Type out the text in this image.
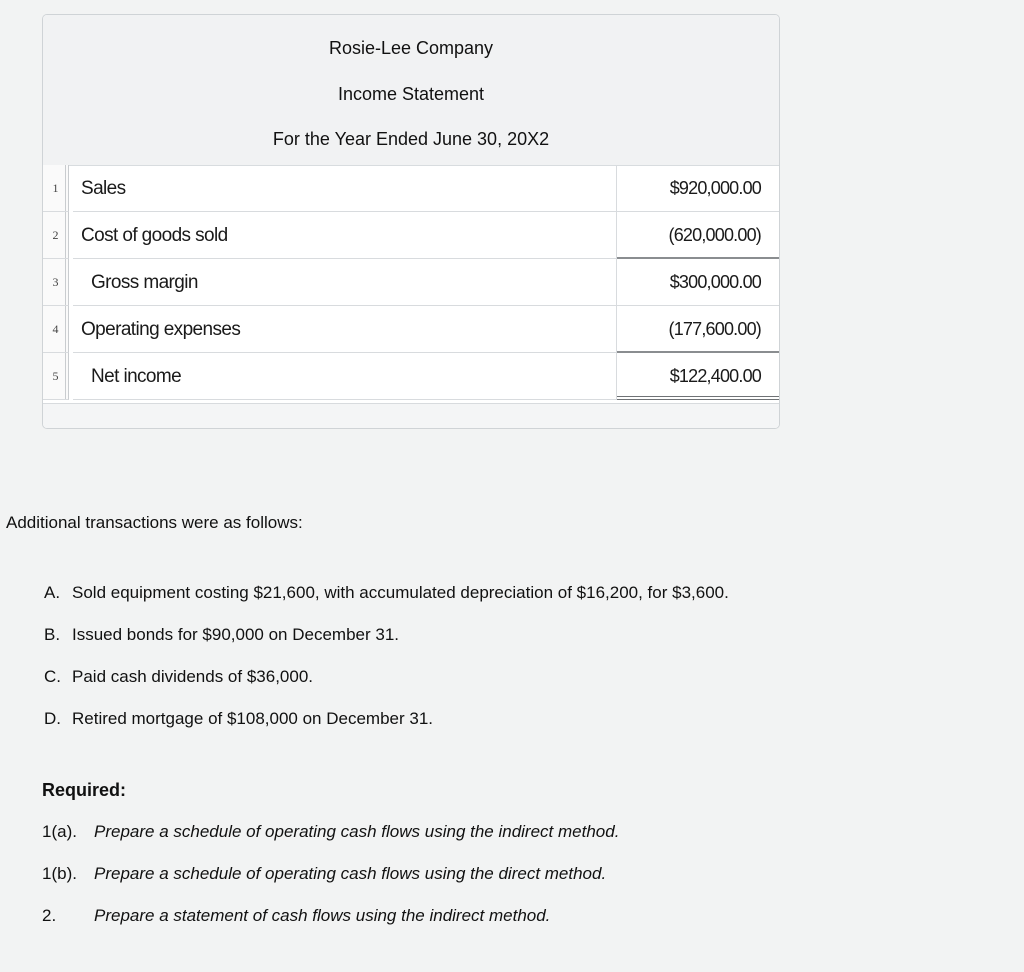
Rosie-Lee Company
Income Statement
For the Year Ended June 30, 20X2
1	Sales	$920,000.00
2	Cost of goods sold	(620,000.00)
3	Gross margin	$300,000.00
4	Operating expenses	(177,600.00)
5	Net income	$122,400.00
Additional transactions were as follows:
A. Sold equipment costing $21,600, with accumulated depreciation of $16,200, for $3,600.
B. Issued bonds for $90,000 on December 31.
C. Paid cash dividends of $36,000.
D. Retired mortgage of $108,000 on December 31.
Required:
1(a). Prepare a schedule of operating cash flows using the indirect method.
1(b). Prepare a schedule of operating cash flows using the direct method.
2. Prepare a statement of cash flows using the indirect method.
